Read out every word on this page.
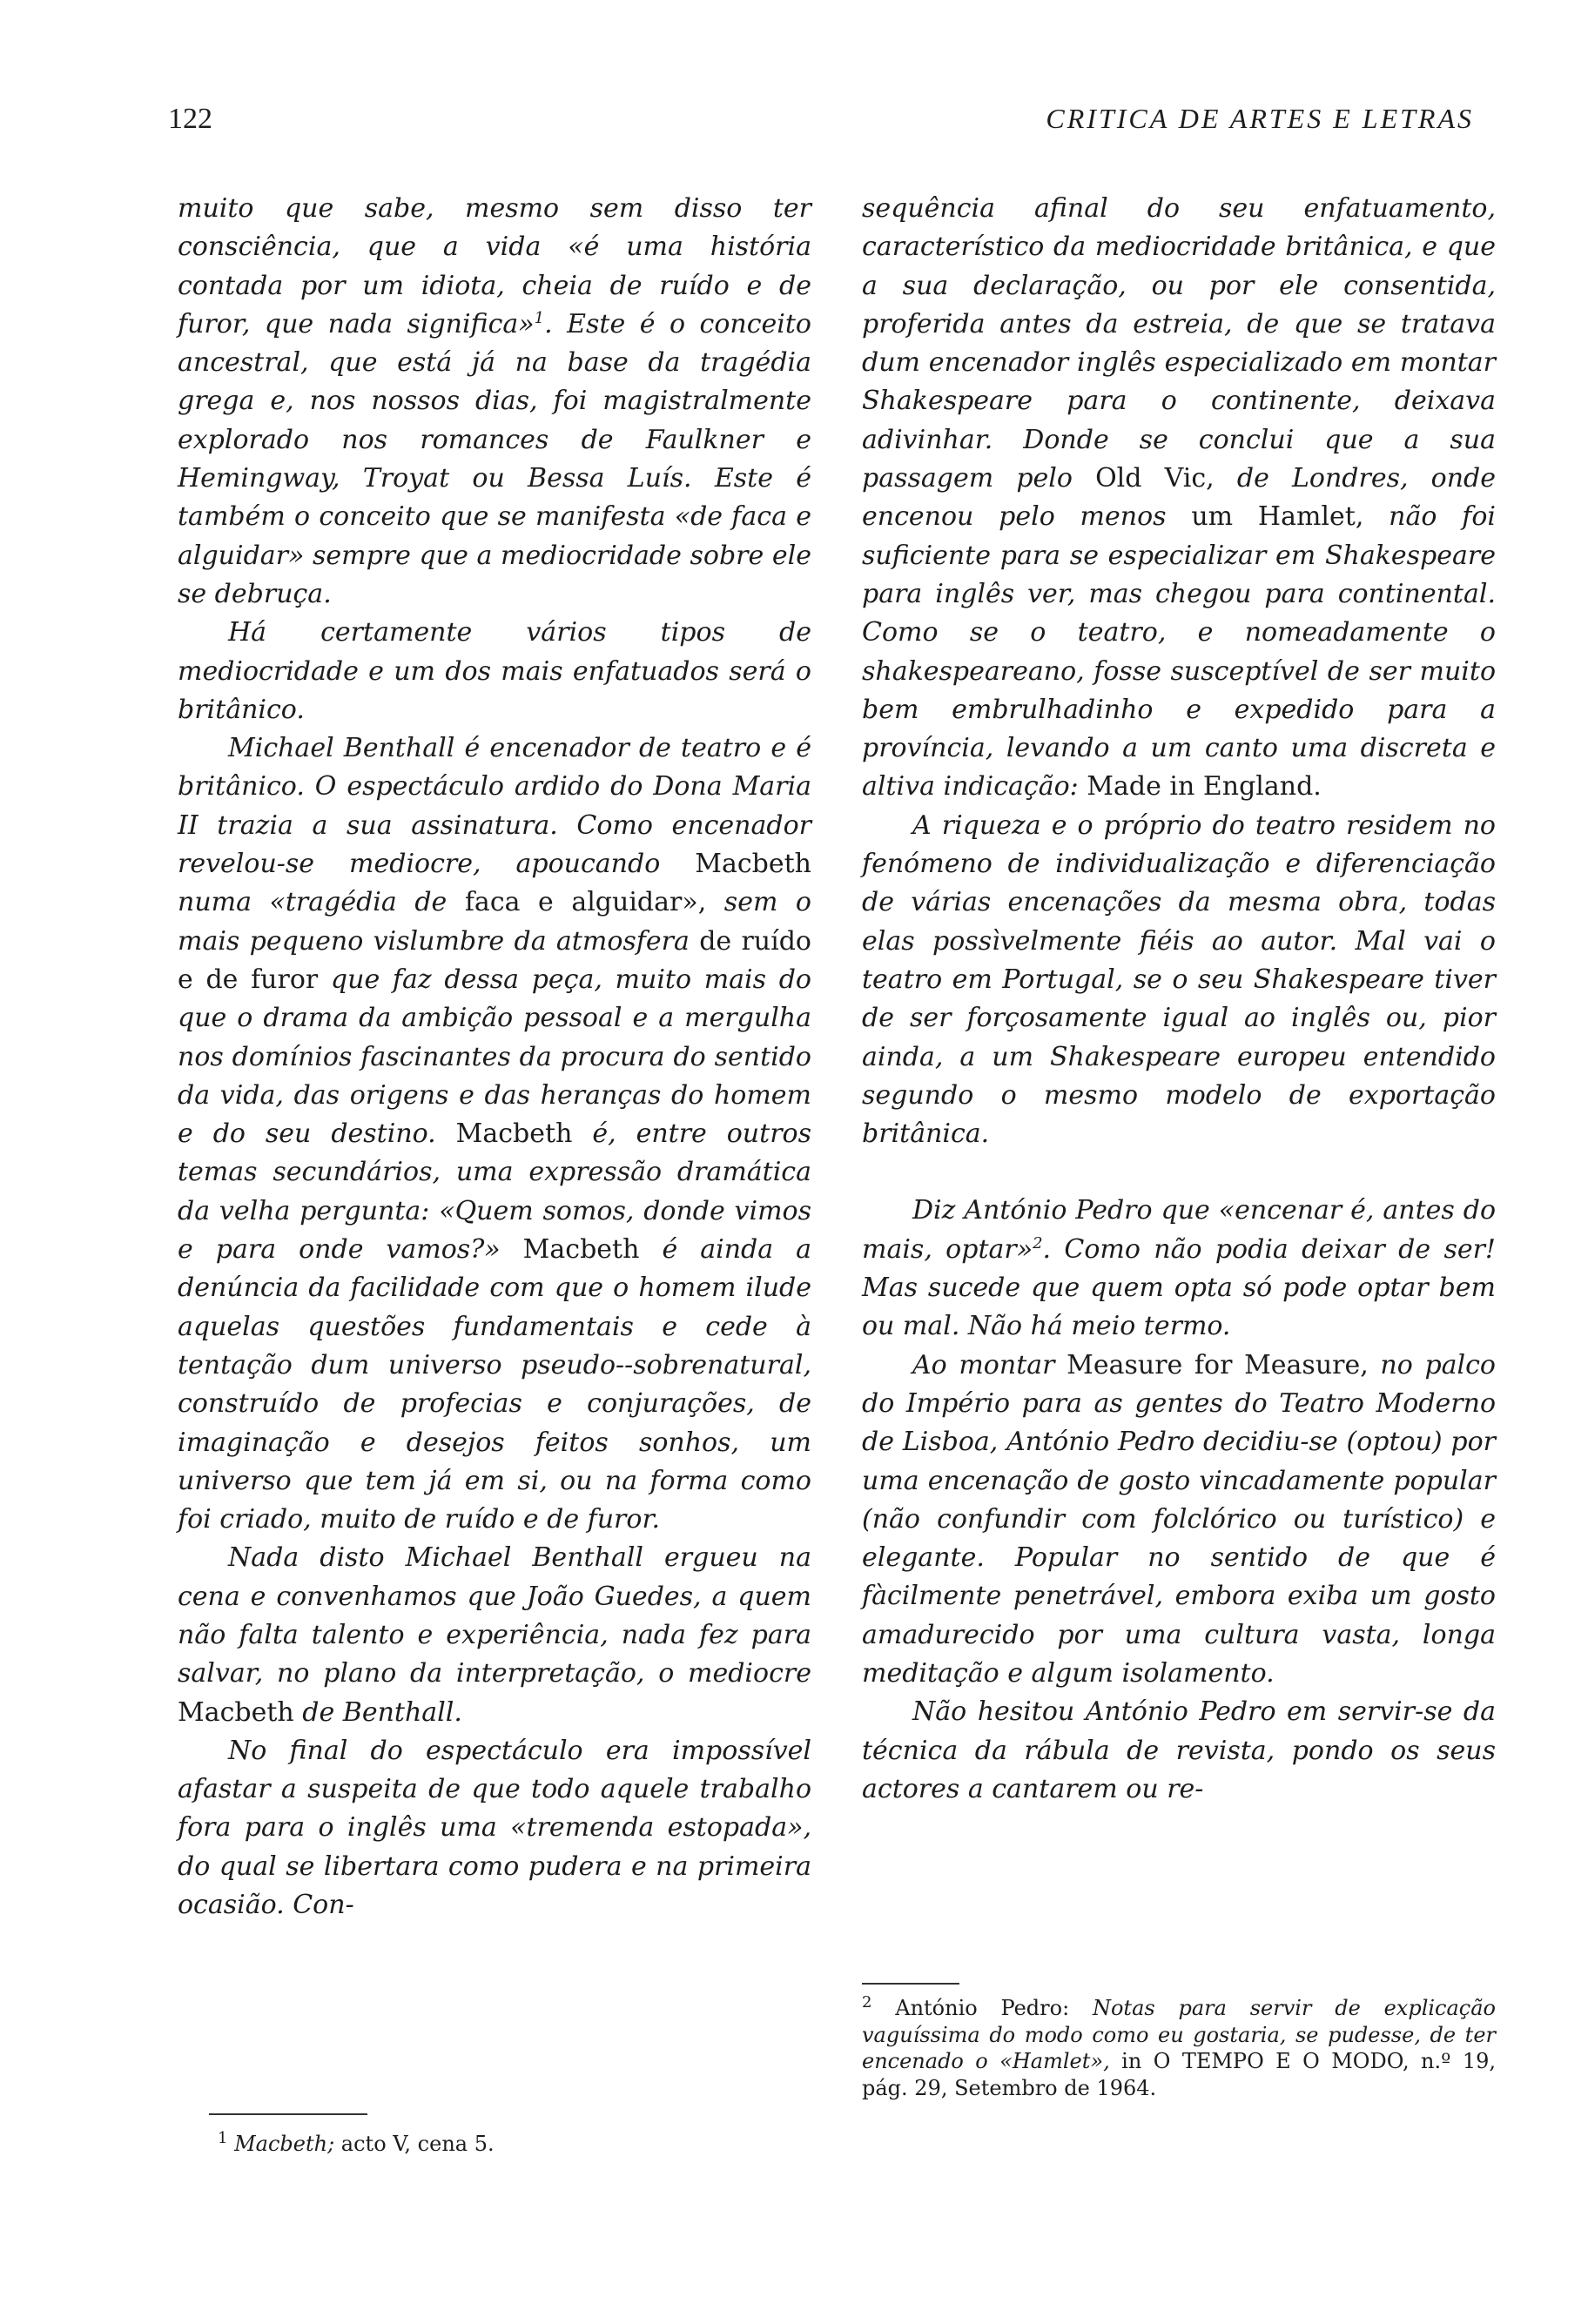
122	CRITICA DE ARTES E LETRAS

muito que sabe, mesmo sem disso ter consciência, que a vida «é uma história contada por um idiota, cheia de ruído e de furor, que nada significa»$^1$. Este é o conceito ancestral, que está já na base da tragédia grega e, nos nossos dias, foi magistralmente explorado nos romances de Faulkner e Hemingway, Troyat ou Bessa Luís. Este é também o conceito que se manifesta «de faca e alguidar» sempre que a mediocridade sobre ele se debruça.

Há certamente vários tipos de mediocridade e um dos mais enfatuados será o britânico.

Michael Benthall é encenador de teatro e é britânico. O espectáculo ardido do Dona Maria II trazia a sua assinatura. Como encenador revelou-se mediocre, apoucando Macbeth numa «tragédia de faca e alguidar», sem o mais pequeno vislumbre da atmosfera de ruído e de furor que faz dessa peça, muito mais do que o drama da ambição pessoal e a mergulha nos domínios fascinantes da procura do sentido da vida, das origens e das heranças do homem e do seu destino. Macbeth é, entre outros temas secundários, uma expressão dramática da velha pergunta: «Quem somos, donde vimos e para onde vamos?» Macbeth é ainda a denúncia da facilidade com que o homem ilude aquelas questões fundamentais e cede à tentação dum universo pseudo--sobrenatural, construído de profecias e conjurações, de imaginação e desejos feitos sonhos, um universo que tem já em si, ou na forma como foi criado, muito de ruído e de furor.

Nada disto Michael Benthall ergueu na cena e convenhamos que João Guedes, a quem não falta talento e experiência, nada fez para salvar, no plano da interpretação, o mediocre Macbeth de Benthall.

No final do espectáculo era impossível afastar a suspeita de que todo aquele trabalho fora para o inglês uma «tremenda estopada», do qual se libertara como pudera e na primeira ocasião. Con-

$^1$ Macbeth; acto V, cena 5.

sequência afinal do seu enfatuamento, característico da mediocridade britânica, e que a sua declaração, ou por ele consentida, proferida antes da estreia, de que se tratava dum encenador inglês especializado em montar Shakespeare para o continente, deixava adivinhar. Donde se conclui que a sua passagem pelo Old Vic, de Londres, onde encenou pelo menos um Hamlet, não foi suficiente para se especializar em Shakespeare para inglês ver, mas chegou para continental. Como se o teatro, e nomeadamente o shakespeareano, fosse susceptível de ser muito bem embrulhadinho e expedido para a província, levando a um canto uma discreta e altiva indicação: Made in England.

A riqueza e o próprio do teatro residem no fenómeno de individualização e diferenciação de várias encenações da mesma obra, todas elas possìvelmente fiéis ao autor. Mal vai o teatro em Portugal, se o seu Shakespeare tiver de ser forçosamente igual ao inglês ou, pior ainda, a um Shakespeare europeu entendido segundo o mesmo modelo de exportação britânica.

Diz António Pedro que «encenar é, antes do mais, optar»$^2$. Como não podia deixar de ser! Mas sucede que quem opta só pode optar bem ou mal. Não há meio termo.

Ao montar Measure for Measure, no palco do Império para as gentes do Teatro Moderno de Lisboa, António Pedro decidiu-se (optou) por uma encenação de gosto vincadamente popular (não confundir com folclórico ou turístico) e elegante. Popular no sentido de que é fàcilmente penetrável, embora exiba um gosto amadurecido por uma cultura vasta, longa meditação e algum isolamento.

Não hesitou António Pedro em servir-se da técnica da rábula de revista, pondo os seus actores a cantarem ou re-

$^2$ António Pedro: Notas para servir de explicação vaguíssima do modo como eu gostaria, se pudesse, de ter encenado o «Hamlet», in O TEMPO E O MODO, n.º 19, pág. 29, Setembro de 1964.
